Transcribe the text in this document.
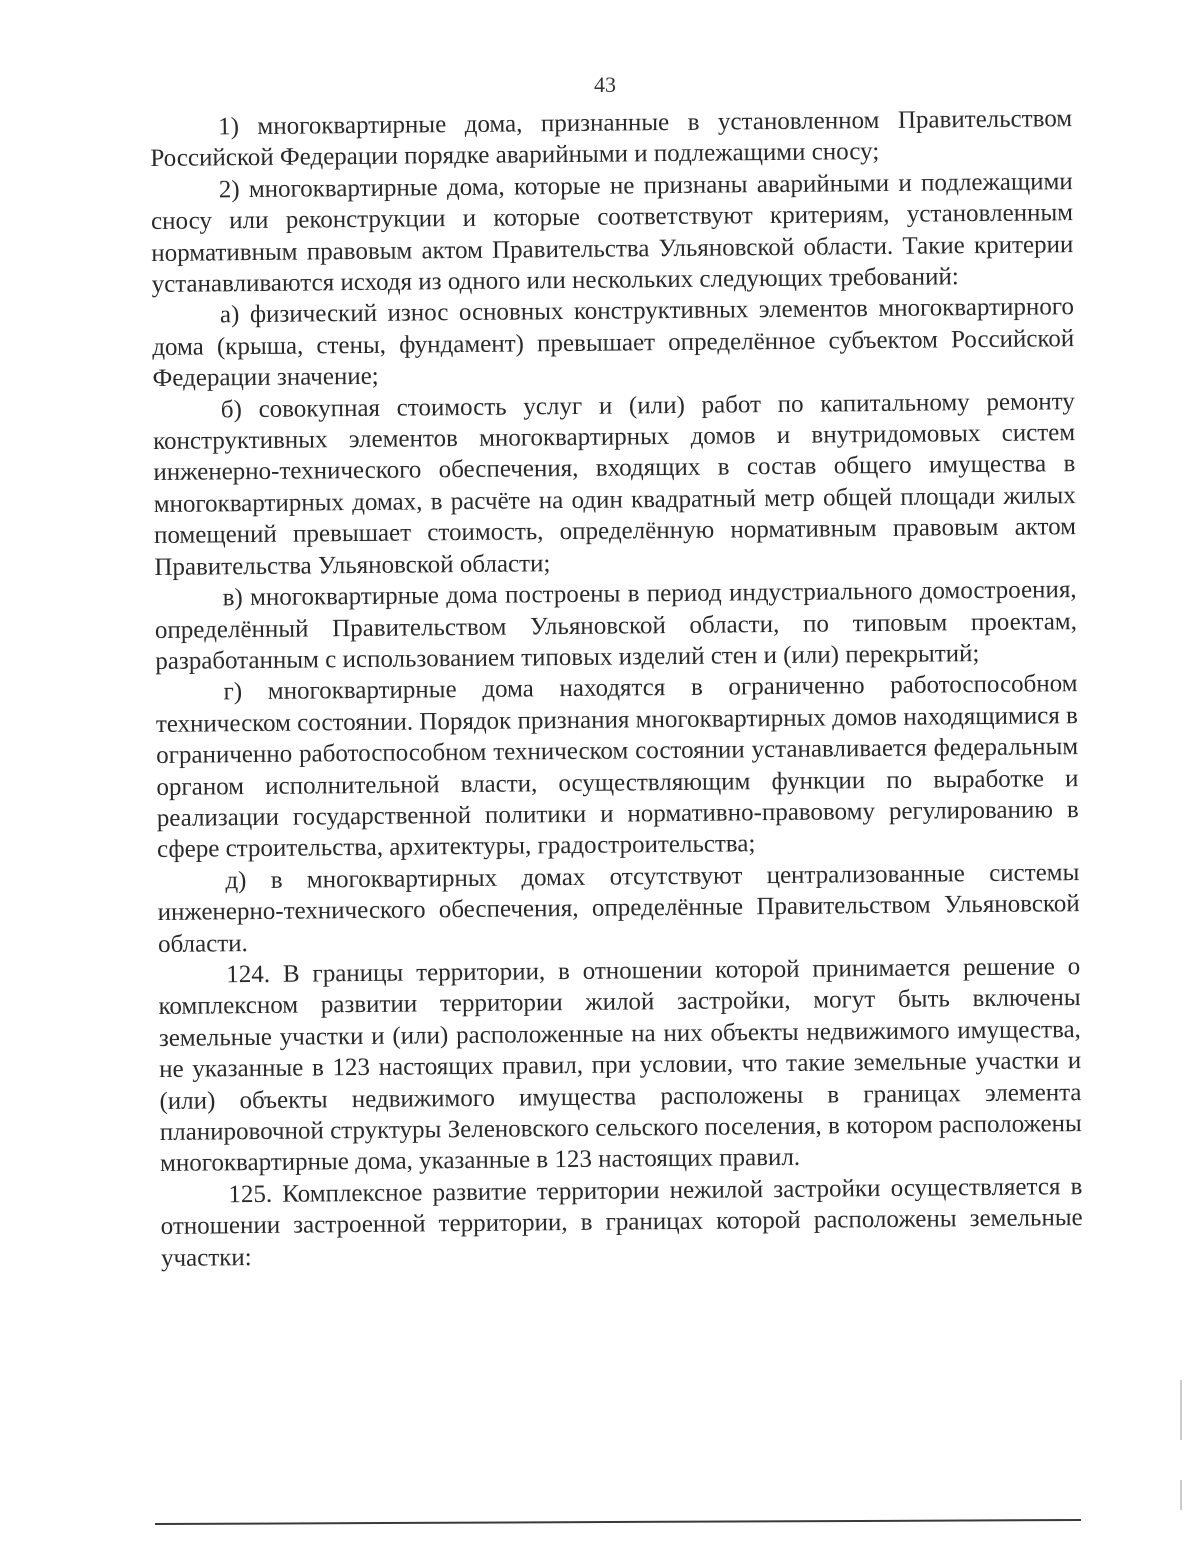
43

1) многоквартирные дома, признанные в установленном Правительством Российской Федерации порядке аварийными и подлежащими сносу;

2) многоквартирные дома, которые не признаны аварийными и подлежащими сносу или реконструкции и которые соответствуют критериям, установленным нормативным правовым актом Правительства Ульяновской области. Такие критерии устанавливаются исходя из одного или нескольких следующих требований:

а) физический износ основных конструктивных элементов многоквартирного дома (крыша, стены, фундамент) превышает определённое субъектом Российской Федерации значение;

б) совокупная стоимость услуг и (или) работ по капитальному ремонту конструктивных элементов многоквартирных домов и внутридомовых систем инженерно-технического обеспечения, входящих в состав общего имущества в многоквартирных домах, в расчёте на один квадратный метр общей площади жилых помещений превышает стоимость, определённую нормативным правовым актом Правительства Ульяновской области;

в) многоквартирные дома построены в период индустриального домостроения, определённый Правительством Ульяновской области, по типовым проектам, разработанным с использованием типовых изделий стен и (или) перекрытий;

г) многоквартирные дома находятся в ограниченно работоспособном техническом состоянии. Порядок признания многоквартирных домов находящимися в ограниченно работоспособном техническом состоянии устанавливается федеральным органом исполнительной власти, осуществляющим функции по выработке и реализации государственной политики и нормативно-правовому регулированию в сфере строительства, архитектуры, градостроительства;

д) в многоквартирных домах отсутствуют централизованные системы инженерно-технического обеспечения, определённые Правительством Ульяновской области.

124. В границы территории, в отношении которой принимается решение о комплексном развитии территории жилой застройки, могут быть включены земельные участки и (или) расположенные на них объекты недвижимого имущества, не указанные в 123 настоящих правил, при условии, что такие земельные участки и (или) объекты недвижимого имущества расположены в границах элемента планировочной структуры Зеленовского сельского поселения, в котором расположены многоквартирные дома, указанные в 123 настоящих правил.

125. Комплексное развитие территории нежилой застройки осуществляется в отношении застроенной территории, в границах которой расположены земельные участки:
